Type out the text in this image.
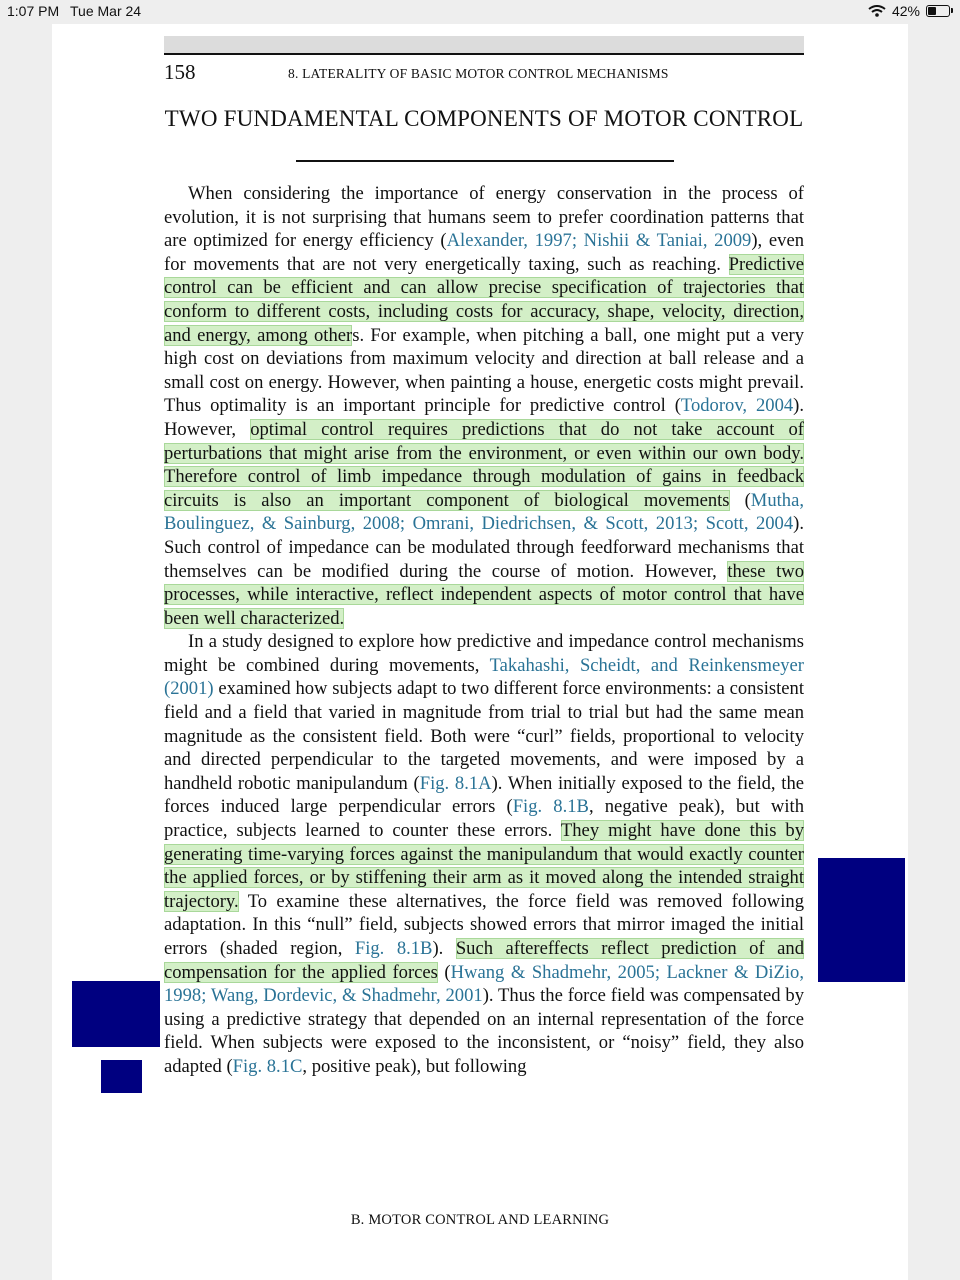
1:07 PM Tue Mar 24	42%
158	8. LATERALITY OF BASIC MOTOR CONTROL MECHANISMS
TWO FUNDAMENTAL COMPONENTS OF MOTOR CONTROL

When considering the importance of energy conservation in the process of evolution, it is not surprising that humans seem to prefer coordination patterns that are optimized for energy efficiency (Alexander, 1997; Nishii & Taniai, 2009), even for movements that are not very energetically taxing, such as reaching. Predictive control can be efficient and can allow precise specification of trajectories that conform to different costs, including costs for accuracy, shape, velocity, direction, and energy, among others. For example, when pitching a ball, one might put a very high cost on deviations from maximum velocity and direction at ball release and a small cost on energy. However, when painting a house, energetic costs might prevail. Thus optimality is an important principle for predictive control (Todorov, 2004). However, optimal control requires predictions that do not take account of perturbations that might arise from the environment, or even within our own body. Therefore control of limb impedance through modulation of gains in feedback circuits is also an important component of biological movements (Mutha, Boulinguez, & Sainburg, 2008; Omrani, Diedrichsen, & Scott, 2013; Scott, 2004). Such control of impedance can be modulated through feedforward mechanisms that themselves can be modified during the course of motion. However, these two processes, while interactive, reflect independent aspects of motor control that have been well characterized.

In a study designed to explore how predictive and impedance control mechanisms might be combined during movements, Takahashi, Scheidt, and Reinkensmeyer (2001) examined how subjects adapt to two different force environments: a consistent field and a field that varied in magnitude from trial to trial but had the same mean magnitude as the consistent field. Both were “curl” fields, proportional to velocity and directed perpendicular to the targeted movements, and were imposed by a handheld robotic manipulandum (Fig. 8.1A). When initially exposed to the field, the forces induced large perpendicular errors (Fig. 8.1B, negative peak), but with practice, subjects learned to counter these errors. They might have done this by generating time-varying forces against the manipulandum that would exactly counter the applied forces, or by stiffening their arm as it moved along the intended straight trajectory. To examine these alternatives, the force field was removed following adaptation. In this “null” field, subjects showed errors that mirror imaged the initial errors (shaded region, Fig. 8.1B). Such aftereffects reflect prediction of and compensation for the applied forces (Hwang & Shadmehr, 2005; Lackner & DiZio, 1998; Wang, Dordevic, & Shadmehr, 2001). Thus the force field was compensated by using a predictive strategy that depended on an internal representation of the force field. When subjects were exposed to the inconsistent, or “noisy” field, they also adapted (Fig. 8.1C, positive peak), but following

B. MOTOR CONTROL AND LEARNING
